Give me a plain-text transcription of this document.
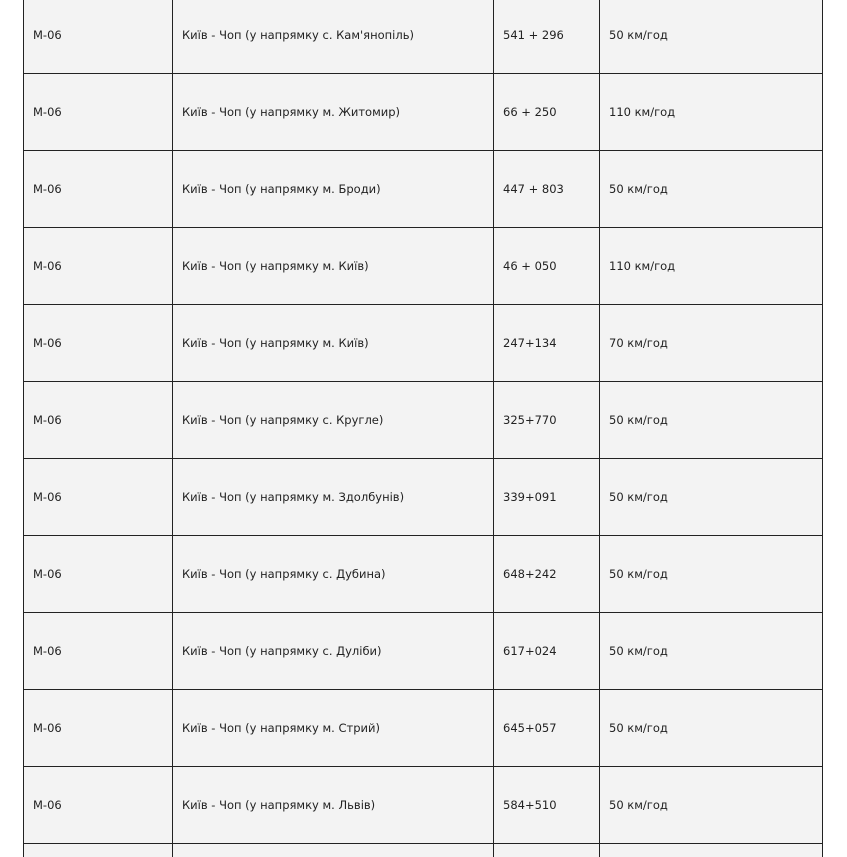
М-06	Київ - Чоп (у напрямку с. Кам'янопіль)	541 + 296	50 км/год
М-06	Київ - Чоп (у напрямку м. Житомир)	66 + 250	110 км/год
М-06	Київ - Чоп (у напрямку м. Броди)	447 + 803	50 км/год
М-06	Київ - Чоп (у напрямку м. Київ)	46 + 050	110 км/год
М-06	Київ - Чоп (у напрямку м. Київ)	247+134	70 км/год
М-06	Київ - Чоп (у напрямку с. Кругле)	325+770	50 км/год
М-06	Київ - Чоп (у напрямку м. Здолбунів)	339+091	50 км/год
М-06	Київ - Чоп (у напрямку с. Дубина)	648+242	50 км/год
М-06	Київ - Чоп (у напрямку с. Дуліби)	617+024	50 км/год
М-06	Київ - Чоп (у напрямку м. Стрий)	645+057	50 км/год
М-06	Київ - Чоп (у напрямку м. Львів)	584+510	50 км/год
